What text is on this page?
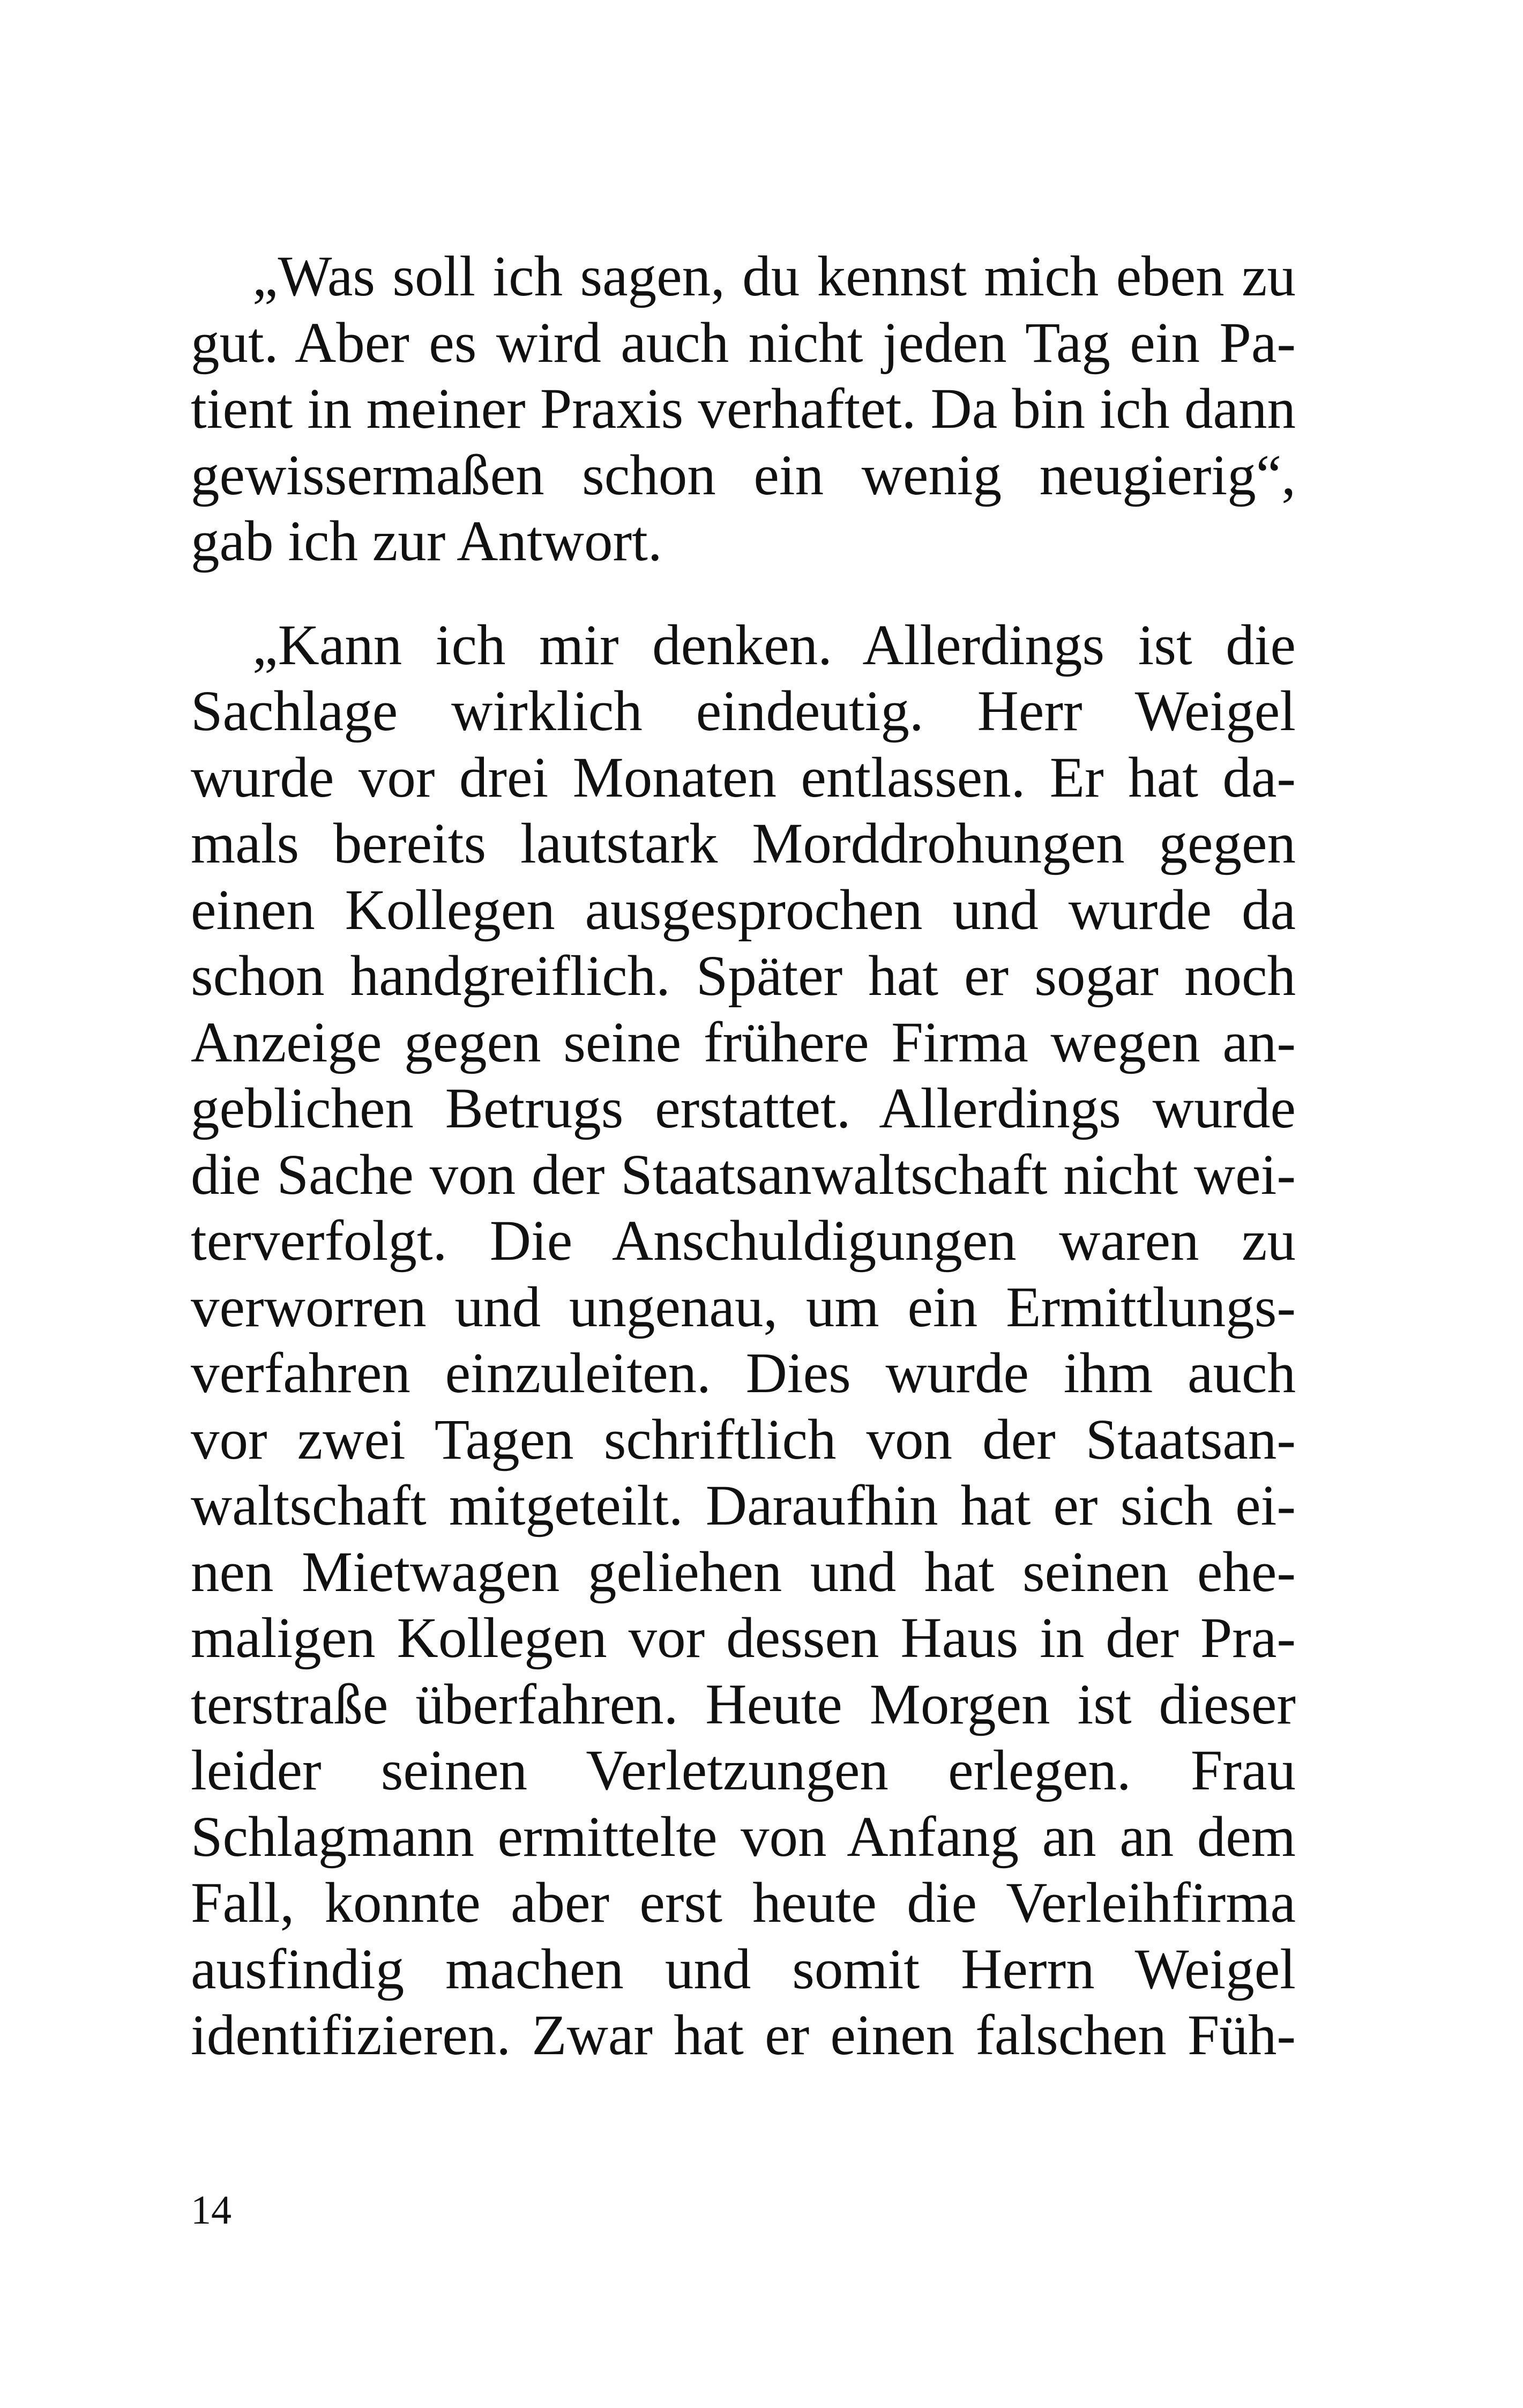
„Was soll ich sagen, du kennst mich eben zu
gut. Aber es wird auch nicht jeden Tag ein Pa-
tient in meiner Praxis verhaftet. Da bin ich dann
gewissermaßen schon ein wenig neugierig“,
gab ich zur Antwort.

„Kann ich mir denken. Allerdings ist die
Sachlage wirklich eindeutig. Herr Weigel
wurde vor drei Monaten entlassen. Er hat da-
mals bereits lautstark Morddrohungen gegen
einen Kollegen ausgesprochen und wurde da
schon handgreiflich. Später hat er sogar noch
Anzeige gegen seine frühere Firma wegen an-
geblichen Betrugs erstattet. Allerdings wurde
die Sache von der Staatsanwaltschaft nicht wei-
terverfolgt. Die Anschuldigungen waren zu
verworren und ungenau, um ein Ermittlungs-
verfahren einzuleiten. Dies wurde ihm auch
vor zwei Tagen schriftlich von der Staatsan-
waltschaft mitgeteilt. Daraufhin hat er sich ei-
nen Mietwagen geliehen und hat seinen ehe-
maligen Kollegen vor dessen Haus in der Pra-
terstraße überfahren. Heute Morgen ist dieser
leider seinen Verletzungen erlegen. Frau
Schlagmann ermittelte von Anfang an an dem
Fall, konnte aber erst heute die Verleihfirma
ausfindig machen und somit Herrn Weigel
identifizieren. Zwar hat er einen falschen Füh-

14
